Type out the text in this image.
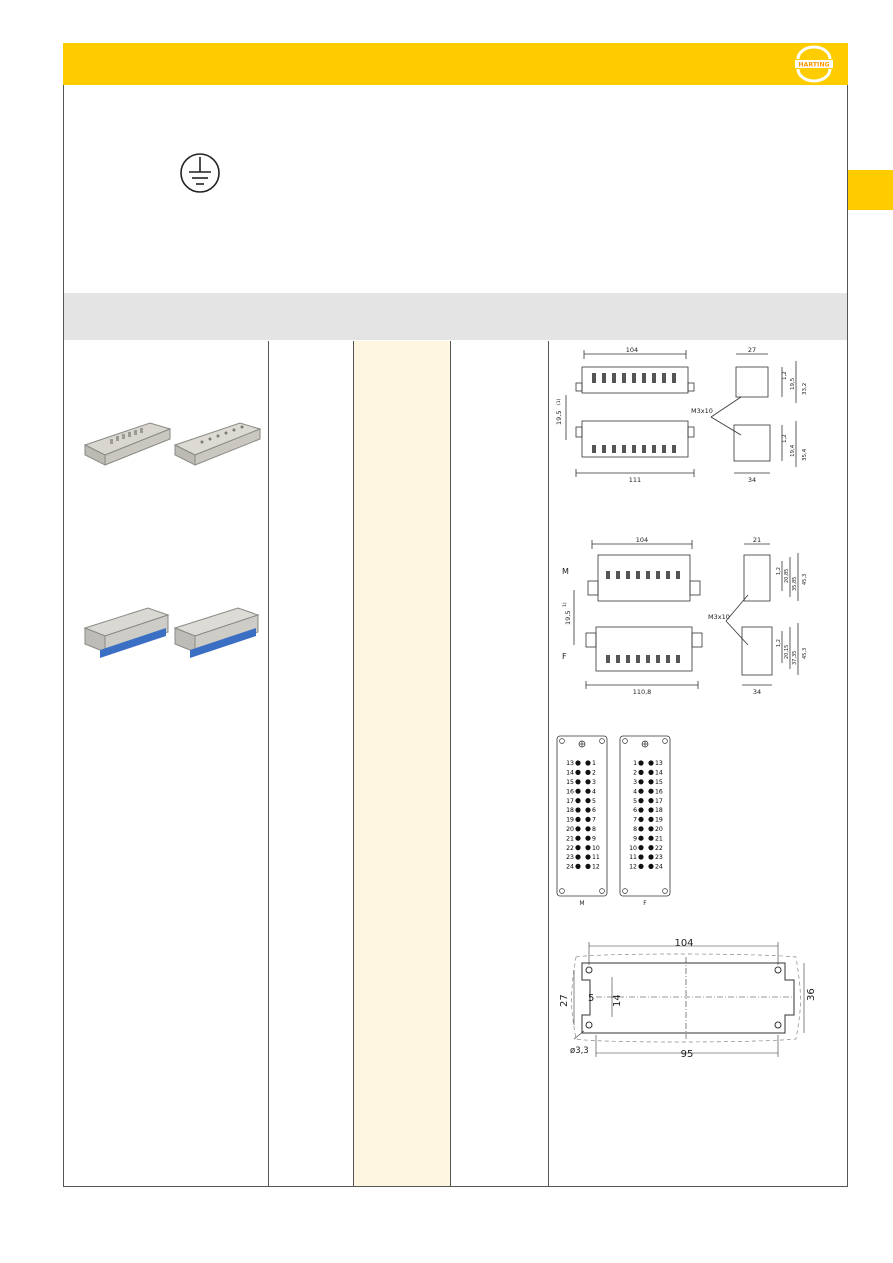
HARTING
104
111
19,5
(1)
27
34
M3x10
1,2
19,5 33,2
1,2
19,4 35,4
104
110,8
M
F
19,5
1)
21
34
M3x10
1,2 20,85
35,85 45,3
1,2
20,15 37,35 45,3
13	1
14	2
15	3
16	4
17	5
18	6
19	7
20	8
21	9
22	10
23	11
24	12
1	13
2	14
3	15
4	16
5	17
6	18
7	19
8	20
9	21
10	22
11	23
12	24
M	F
104
95
27	36
5 14
ø3,3
